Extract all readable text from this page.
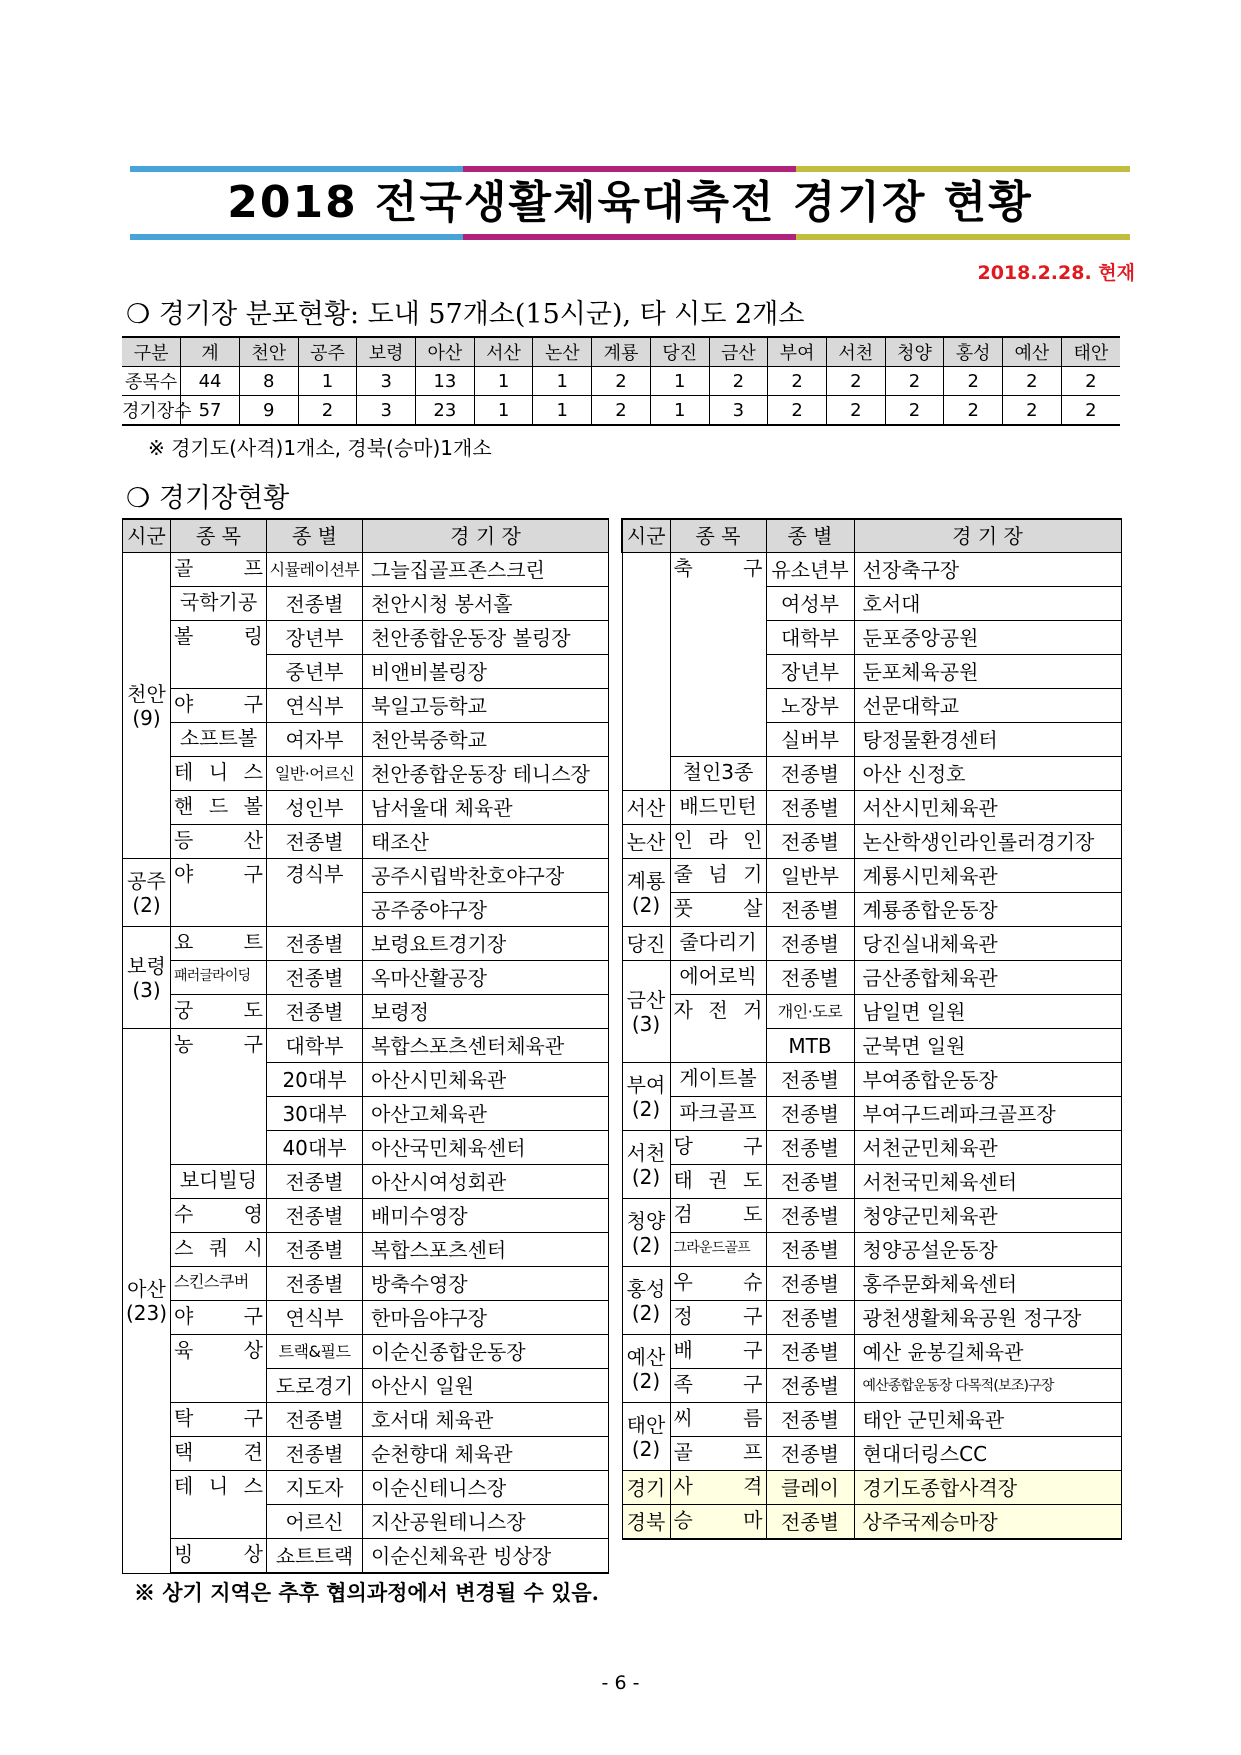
2018 전국생활체육대축전 경기장 현황
2018.2.28. 현재
❍ 경기장 분포현황: 도내 57개소(15시군), 타 시도 2개소
구분	계	천안	공주	보령	아산	서산	논산	계룡	당진	금산	부여	서천	청양	홍성	예산	태안
종목수	44	8	1	3	13	1	1	2	1	2	2	2	2	2	2	2
경기장수	57	9	2	3	23	1	1	2	1	3	2	2	2	2	2	2
※ 경기도(사격)1개소, 경북(승마)1개소
❍ 경기장현황
시군	종 목	종 별	경 기 장
천안
(9)	골 프	시뮬레이션부	그늘집골프존스크린
	국학기공	전종별	천안시청 봉서홀
	볼 링	장년부	천안종합운동장 볼링장
		중년부	비앤비볼링장
	야 구	연식부	북일고등학교
	소프트볼	여자부	천안북중학교
	테 니 스	일반·어르신	천안종합운동장 테니스장
	핸 드 볼	성인부	남서울대 체육관
	등 산	전종별	태조산
공주
(2)	야 구	경식부	공주시립박찬호야구장
			공주중야구장
보령
(3)	요 트	전종별	보령요트경기장
	패러글라이딩	전종별	옥마산활공장
	궁 도	전종별	보령정
아산
(23)	농 구	대학부	복합스포츠센터체육관
		20대부	아산시민체육관
		30대부	아산고체육관
		40대부	아산국민체육센터
	보디빌딩	전종별	아산시여성회관
	수 영	전종별	배미수영장
	스 쿼 시	전종별	복합스포츠센터
	스킨스쿠버	전종별	방축수영장
	야 구	연식부	한마음야구장
	육 상	트랙&필드	이순신종합운동장
		도로경기	아산시 일원
	탁 구	전종별	호서대 체육관
	택 견	전종별	순천향대 체육관
	테 니 스	지도자	이순신테니스장
		어르신	지산공원테니스장
	빙 상	쇼트트랙	이순신체육관 빙상장
시군	종 목	종 별	경 기 장
	축 구	유소년부	선장축구장
		여성부	호서대
		대학부	둔포중앙공원
		장년부	둔포체육공원
		노장부	선문대학교
		실버부	탕정물환경센터
	철인3종	전종별	아산 신정호
서산	배드민턴	전종별	서산시민체육관
논산	인 라 인	전종별	논산학생인라인롤러경기장
계룡
(2)	줄 넘 기	일반부	계룡시민체육관
	풋 살	전종별	계룡종합운동장
당진	줄다리기	전종별	당진실내체육관
금산
(3)	에어로빅	전종별	금산종합체육관
	자 전 거	개인·도로	남일면 일원
		MTB	군북면 일원
부여
(2)	게이트볼	전종별	부여종합운동장
	파크골프	전종별	부여구드레파크골프장
서천
(2)	당 구	전종별	서천군민체육관
	태 권 도	전종별	서천국민체육센터
청양
(2)	검 도	전종별	청양군민체육관
	그라운드골프	전종별	청양공설운동장
홍성
(2)	우 슈	전종별	홍주문화체육센터
	정 구	전종별	광천생활체육공원 정구장
예산
(2)	배 구	전종별	예산 윤봉길체육관
	족 구	전종별	예산종합운동장 다목적(보조)구장
태안
(2)	씨 름	전종별	태안 군민체육관
	골 프	전종별	현대더링스CC
경기	사 격	클레이	경기도종합사격장
경북	승 마	전종별	상주국제승마장
※ 상기 지역은 추후 협의과정에서 변경될 수 있음.
- 6 -
